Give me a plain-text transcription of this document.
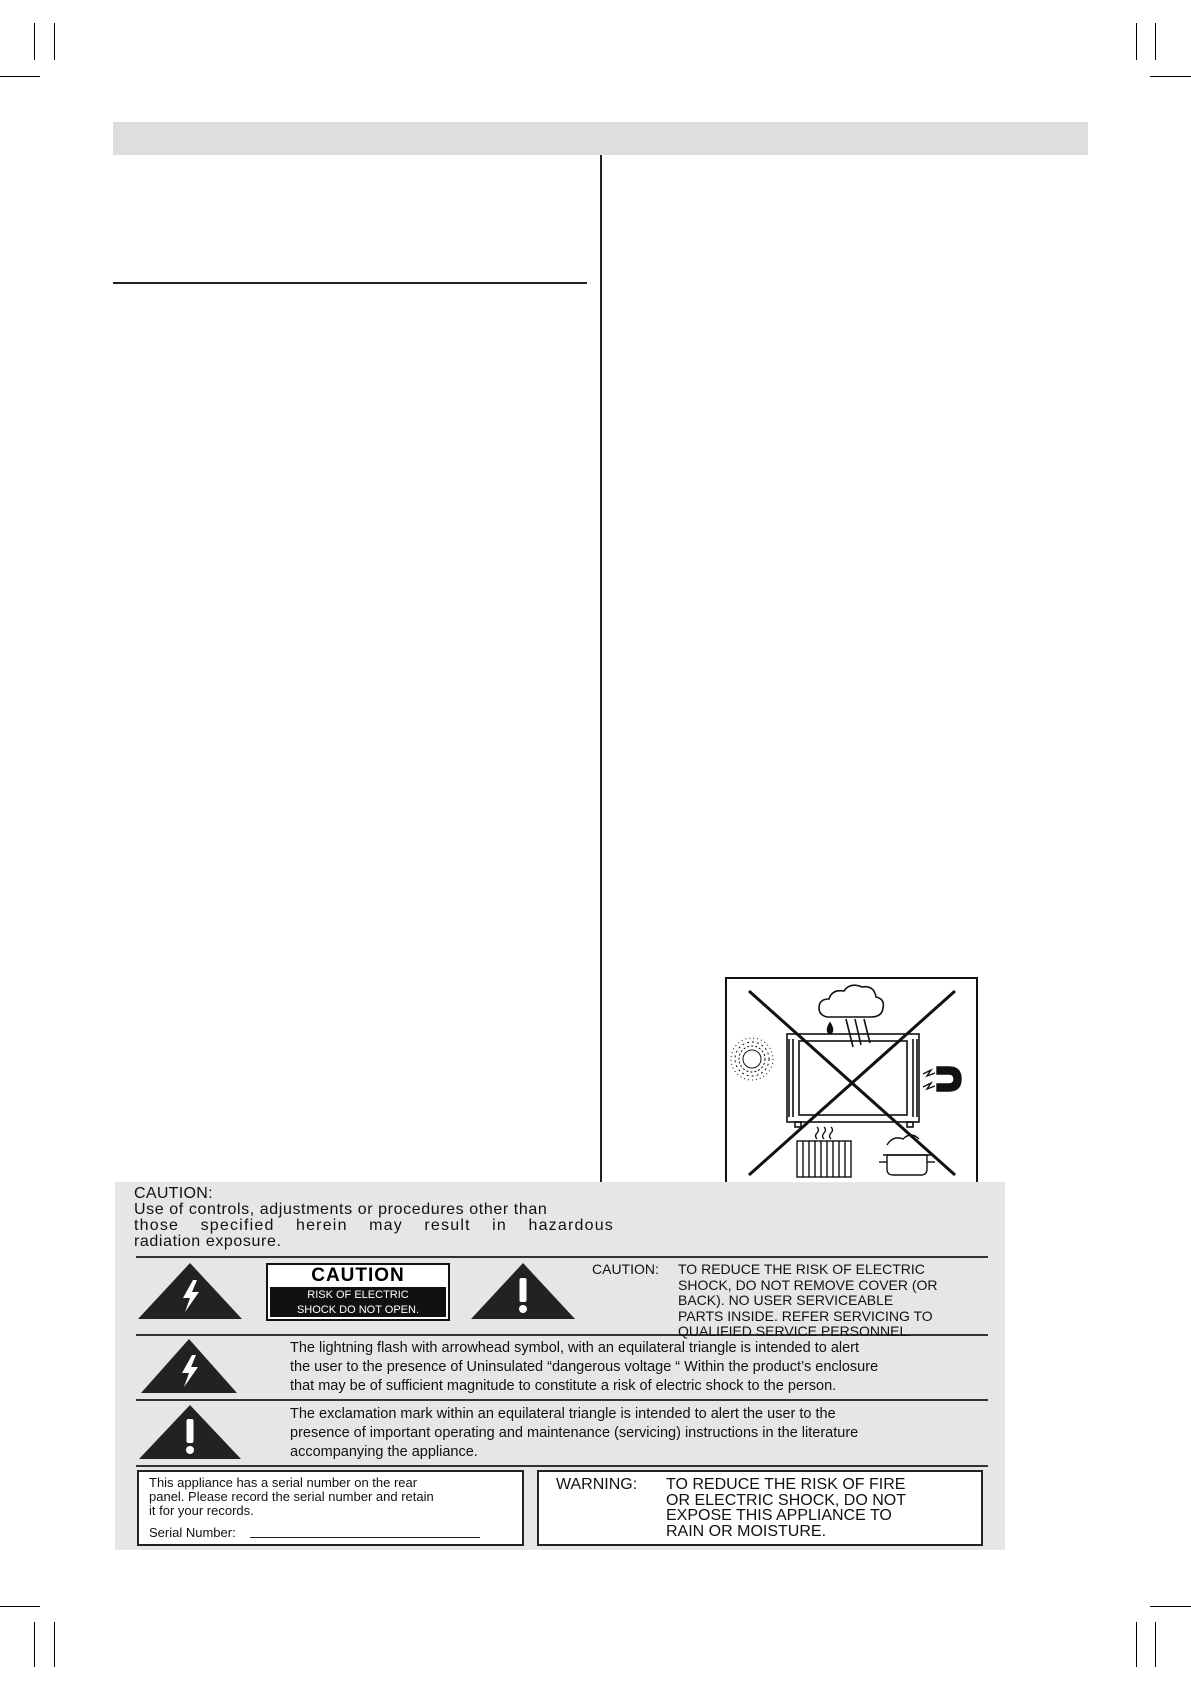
CAUTION:
Use of controls, adjustments or procedures other than
those specified herein may result in hazardous
radiation exposure.
CAUTION
RISK OF ELECTRIC
SHOCK DO NOT OPEN.
CAUTION: TO REDUCE THE RISK OF ELECTRIC
SHOCK, DO NOT REMOVE COVER (OR
BACK). NO USER SERVICEABLE
PARTS INSIDE. REFER SERVICING TO
QUALIFIED SERVICE PERSONNEL.
The lightning flash with arrowhead symbol, with an equilateral triangle is intended to alert
the user to the presence of Uninsulated “dangerous voltage “ Within the product’s enclosure
that may be of sufficient magnitude to constitute a risk of electric shock to the person.
The exclamation mark within an equilateral triangle is intended to alert the user to the
presence of important operating and maintenance (servicing) instructions in the literature
accompanying the appliance.
This appliance has a serial number on the rear
panel. Please record the serial number and retain
it for your records.
Serial Number:
WARNING: TO REDUCE THE RISK OF FIRE
OR ELECTRIC SHOCK, DO NOT
EXPOSE THIS APPLIANCE TO
RAIN OR MOISTURE.
